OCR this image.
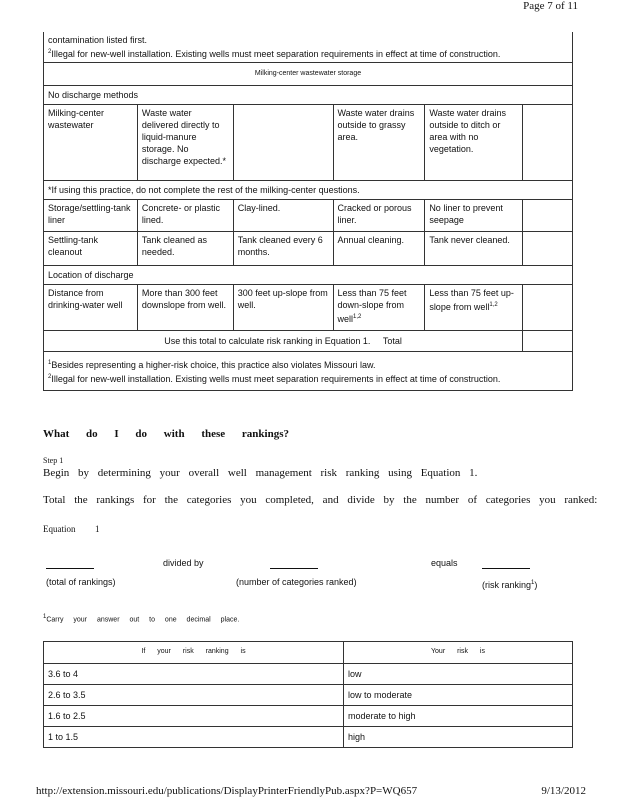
Page 7 of 11
contamination listed first.
$^2$Illegal for new-well installation. Existing wells must meet separation requirements in effect at time of construction.					

Milking-center wastewater storage					
No discharge methods					
Milking-center wastewater	Waste water delivered directly to liquid-manure storage. No discharge expected.*		Waste water drains outside to grassy area.	Waste water drains outside to ditch or area with no vegetation.	
*If using this practice, do not complete the rest of the milking-center questions.					
Storage/settling-tank liner	Concrete- or plastic lined.	Clay-lined.	Cracked or porous liner.	No liner to prevent seepage	
Settling-tank cleanout	Tank cleaned as needed.	Tank cleaned every 6 months.	Annual cleaning.	Tank never cleaned.	
Location of discharge					
Distance from drinking-water well	More than 300 feet downslope from well.	300 feet up-slope from well.	Less than 75 feet down-slope from well$^{1,2}$	Less than 75 feet up-slope from well$^{1,2}$	
Use this total to calculate risk ranking in Equation 1. Total					

$^1$Besides representing a higher-risk choice, this practice also violates Missouri law.
$^2$Illegal for new-well installation. Existing wells must meet separation requirements in effect at time of construction.					
What do I do with these rankings?
Step 1
Begin by determining your overall well management risk ranking using Equation 1.
Total the rankings for the categories you completed, and divide by the number of categories you ranked:
Equation 1
divided by	equals
(total of rankings)	(number of categories ranked)	(risk ranking$^1$)
$^1$Carry your answer out to one decimal place.
If your risk ranking is	Your risk is
3.6 to 4	low
2.6 to 3.5	low to moderate
1.6 to 2.5	moderate to high
1 to 1.5	high
http://extension.missouri.edu/publications/DisplayPrinterFriendlyPub.aspx?P=WQ657	9/13/2012
